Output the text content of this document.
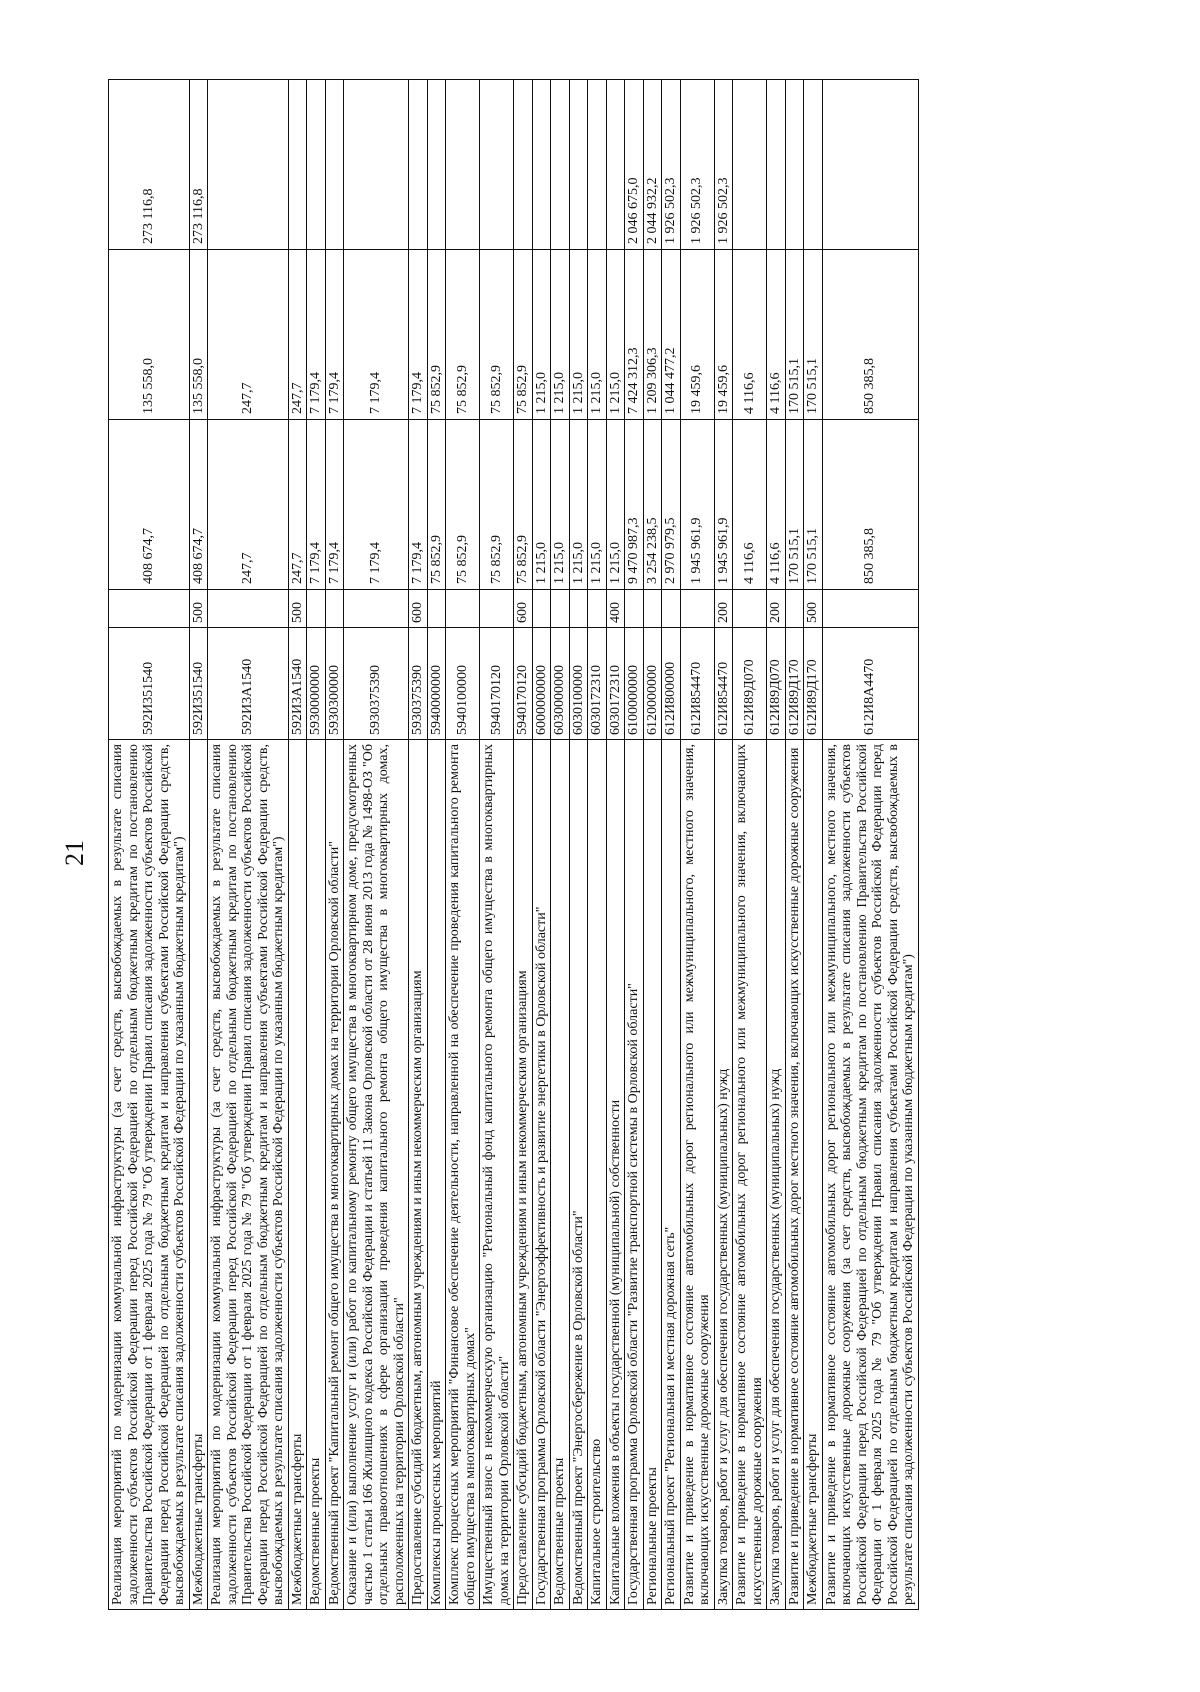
21 Реализация мероприятий по модернизации коммунальной инфраструктуры (за счет средств, высвобождаемых в результате списания задолженности субъектов Российской Федерации перед Российской Федерацией по отдельным бюджетным кредитам по постановлению Правительства Российской Федерации от 1 февраля 2025 года № 79 "Об утверждении Правил списания задолженности субъектов Российской Федерации перед Российской Федерацией по отдельным бюджетным кредитам и направления субъектами Российской Федерации средств, высвобождаемых в результате списания задолженности субъектов Российской Федерации по указанным бюджетным кредитам")	592И351540		408 674,7	135 558,0	273 116,8
Межбюджетные трансферты	592И351540	500	408 674,7	135 558,0	273 116,8
Реализация мероприятий по модернизации коммунальной инфраструктуры (за счет средств, высвобождаемых в результате списания задолженности субъектов Российской Федерации перед Российской Федерацией по отдельным бюджетным кредитам по постановлению Правительства Российской Федерации от 1 февраля 2025 года № 79 "Об утверждении Правил списания задолженности субъектов Российской Федерации перед Российской Федерацией по отдельным бюджетным кредитам и направления субъектами Российской Федерации средств, высвобождаемых в результате списания задолженности субъектов Российской Федерации по указанным бюджетным кредитам")	592И3А1540		247,7	247,7	
Межбюджетные трансферты	592И3А1540	500	247,7	247,7	
Ведомственные проекты	5930000000		7 179,4	7 179,4	
Ведомственный проект "Капитальный ремонт общего имущества в многоквартирных домах на территории Орловской области"	5930300000		7 179,4	7 179,4	
Оказание и (или) выполнение услуг и (или) работ по капитальному ремонту общего имущества в многоквартирном доме, предусмотренных частью 1 статьи 166 Жилищного кодекса Российской Федерации и статьей 11 Закона Орловской области от 28 июня 2013 года № 1498-ОЗ "Об отдельных правоотношениях в сфере организации проведения капитального ремонта общего имущества в многоквартирных домах, расположенных на территории Орловской области"	5930375390		7 179,4	7 179,4	
Предоставление субсидий бюджетным, автономным учреждениям и иным некоммерческим организациям	5930375390	600	7 179,4	7 179,4	
Комплексы процессных мероприятий	5940000000		75 852,9	75 852,9	
Комплекс процессных мероприятий "Финансовое обеспечение деятельности, направленной на обеспечение проведения капитального ремонта общего имущества в многоквартирных домах"	5940100000		75 852,9	75 852,9	
Имущественный взнос в некоммерческую организацию "Региональный фонд капитального ремонта общего имущества в многоквартирных домах на территории Орловской области"	5940170120		75 852,9	75 852,9	
Предоставление субсидий бюджетным, автономным учреждениям и иным некоммерческим организациям	5940170120	600	75 852,9	75 852,9	
Государственная программа Орловской области "Энергоэффективность и развитие энергетики в Орловской области"	6000000000		1 215,0	1 215,0	
Ведомственные проекты	6030000000		1 215,0	1 215,0	
Ведомственный проект "Энергосбережение в Орловской области"	6030100000		1 215,0	1 215,0	
Капитальное строительство	6030172310		1 215,0	1 215,0	
Капитальные вложения в объекты государственной (муниципальной) собственности	6030172310	400	1 215,0	1 215,0	
Государственная программа Орловской области "Развитие транспортной системы в Орловской области"	6100000000		9 470 987,3	7 424 312,3	2 046 675,0
Региональные проекты	6120000000		3 254 238,5	1 209 306,3	2 044 932,2
Региональный проект "Региональная и местная дорожная сеть"	612И800000		2 970 979,5	1 044 477,2	1 926 502,3
Развитие и приведение в нормативное состояние автомобильных дорог регионального или межмуниципального, местного значения, включающих искусственные дорожные сооружения	612И854470		1 945 961,9	19 459,6	1 926 502,3
Закупка товаров, работ и услуг для обеспечения государственных (муниципальных) нужд	612И854470	200	1 945 961,9	19 459,6	1 926 502,3
Развитие и приведение в нормативное состояние автомобильных дорог регионального или межмуниципального значения, включающих искусственные дорожные сооружения	612И89Д070		4 116,6	4 116,6	
Закупка товаров, работ и услуг для обеспечения государственных (муниципальных) нужд	612И89Д070	200	4 116,6	4 116,6	
Развитие и приведение в нормативное состояние автомобильных дорог местного значения, включающих искусственные дорожные сооружения	612И89Д170		170 515,1	170 515,1	
Межбюджетные трансферты	612И89Д170	500	170 515,1	170 515,1	
Развитие и приведение в нормативное состояние автомобильных дорог регионального или межмуниципального, местного значения, включающих искусственные дорожные сооружения (за счет средств, высвобождаемых в результате списания задолженности субъектов Российской Федерации перед Российской Федерацией по отдельным бюджетным кредитам по постановлению Правительства Российской Федерации от 1 февраля 2025 года № 79 "Об утверждении Правил списания задолженности субъектов Российской Федерации перед Российской Федерацией по отдельным бюджетным кредитам и направления субъектами Российской Федерации средств, высвобождаемых в результате списания задолженности субъектов Российской Федерации по указанным бюджетным кредитам")	612И8А4470		850 385,8	850 385,8	
